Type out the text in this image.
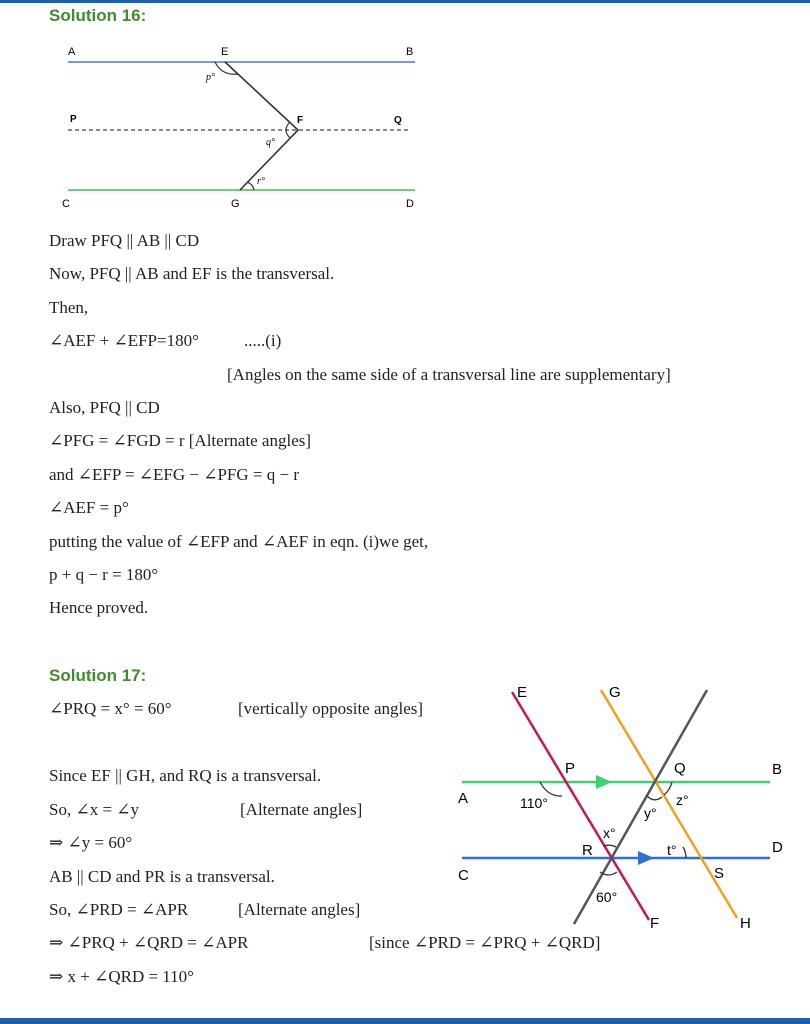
Solution 16:
A	E	B
P	F	Q
C	G	D
p°
q°
r°
Draw PFQ || AB || CD
Now, PFQ || AB and EF is the transversal.
Then,
∠AEF + ∠EFP=180°	.....(i)
[Angles on the same side of a transversal line are supplementary]
Also, PFQ || CD
∠PFG = ∠FGD = r [Alternate angles]
and ∠EFP = ∠EFG − ∠PFG = q − r
∠AEF = p°
putting the value of ∠EFP and ∠AEF in eqn. (i)we get,
p + q − r = 180°
Hence proved.
Solution 17:
∠PRQ = x° = 60°	[vertically opposite angles]
Since EF || GH, and RQ is a transversal.
So, ∠x = ∠y	[Alternate angles]
⇒ ∠y = 60°
AB || CD and PR is a transversal.
So, ∠PRD = ∠APR	[Alternate angles]
⇒ ∠PRQ + ∠QRD = ∠APR	[since ∠PRD = ∠PRQ + ∠QRD]
⇒ x + ∠QRD = 110°
E	G
P	Q	B
A
R	D
C	S
F	H
110°
y°
z°
x°
t°
60°
